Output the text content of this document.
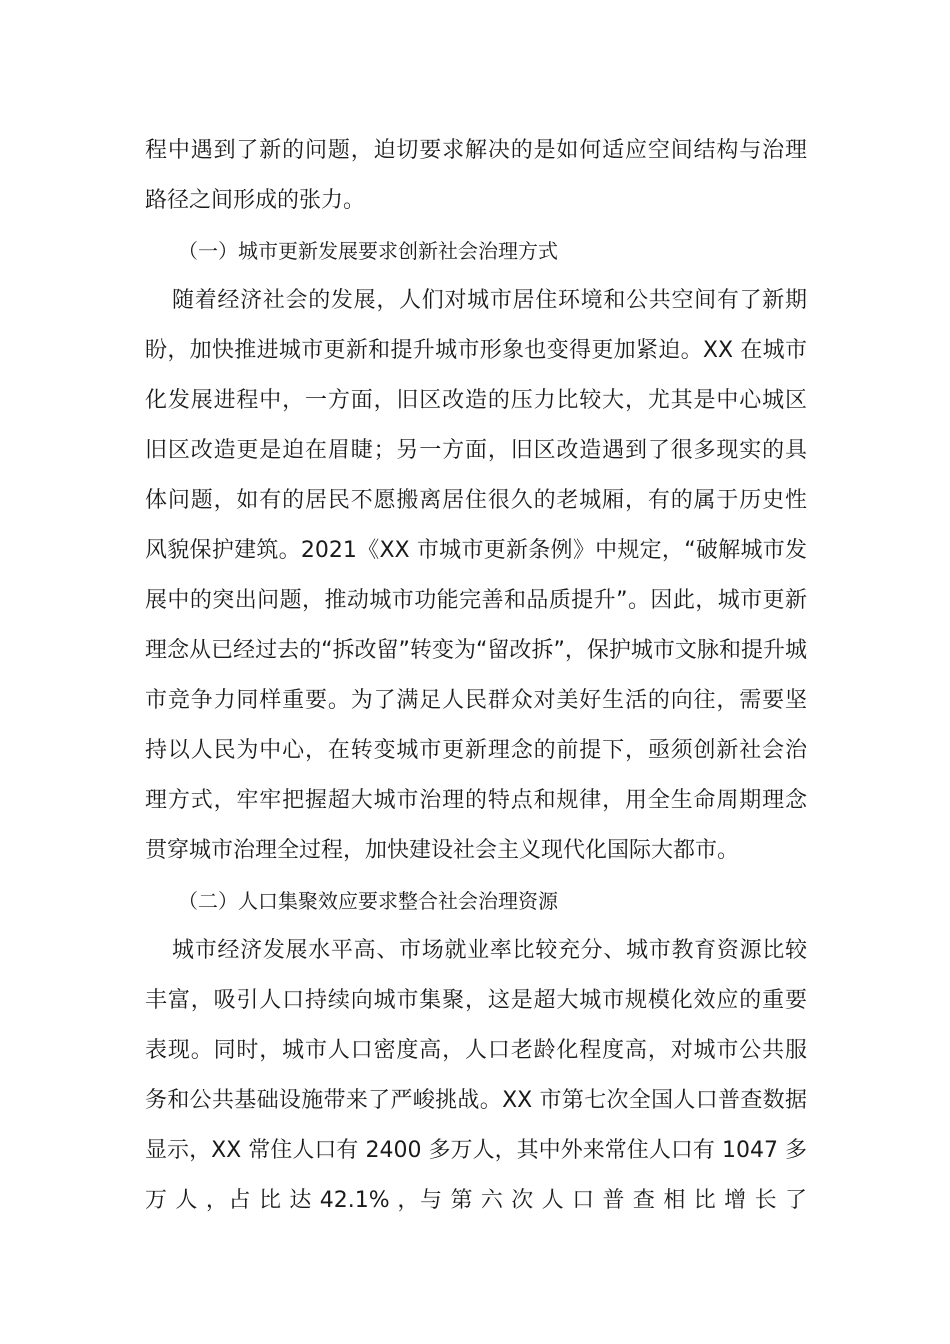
程中遇到了新的问题，迫切要求解决的是如何适应空间结构与治理
路径之间形成的张力。
（一）城市更新发展要求创新社会治理方式
随着经济社会的发展，人们对城市居住环境和公共空间有了新期
盼，加快推进城市更新和提升城市形象也变得更加紧迫。XX 在城市
化发展进程中，一方面，旧区改造的压力比较大，尤其是中心城区
旧区改造更是迫在眉睫；另一方面，旧区改造遇到了很多现实的具
体问题，如有的居民不愿搬离居住很久的老城厢，有的属于历史性
风貌保护建筑。2021《XX 市城市更新条例》中规定，“破解城市发
展中的突出问题，推动城市功能完善和品质提升”。因此，城市更新
理念从已经过去的“拆改留”转变为“留改拆”，保护城市文脉和提升城
市竞争力同样重要。为了满足人民群众对美好生活的向往，需要坚
持以人民为中心，在转变城市更新理念的前提下，亟须创新社会治
理方式，牢牢把握超大城市治理的特点和规律，用全生命周期理念
贯穿城市治理全过程，加快建设社会主义现代化国际大都市。
（二）人口集聚效应要求整合社会治理资源
城市经济发展水平高、市场就业率比较充分、城市教育资源比较
丰富，吸引人口持续向城市集聚，这是超大城市规模化效应的重要
表现。同时，城市人口密度高，人口老龄化程度高，对城市公共服
务和公共基础设施带来了严峻挑战。XX 市第七次全国人口普查数据
显示，XX 常住人口有 2400 多万人，其中外来常住人口有 1047 多
万 人 ，占 比 达 42.1% ，与 第 六 次 人 口 普 查 相 比 增 长 了
